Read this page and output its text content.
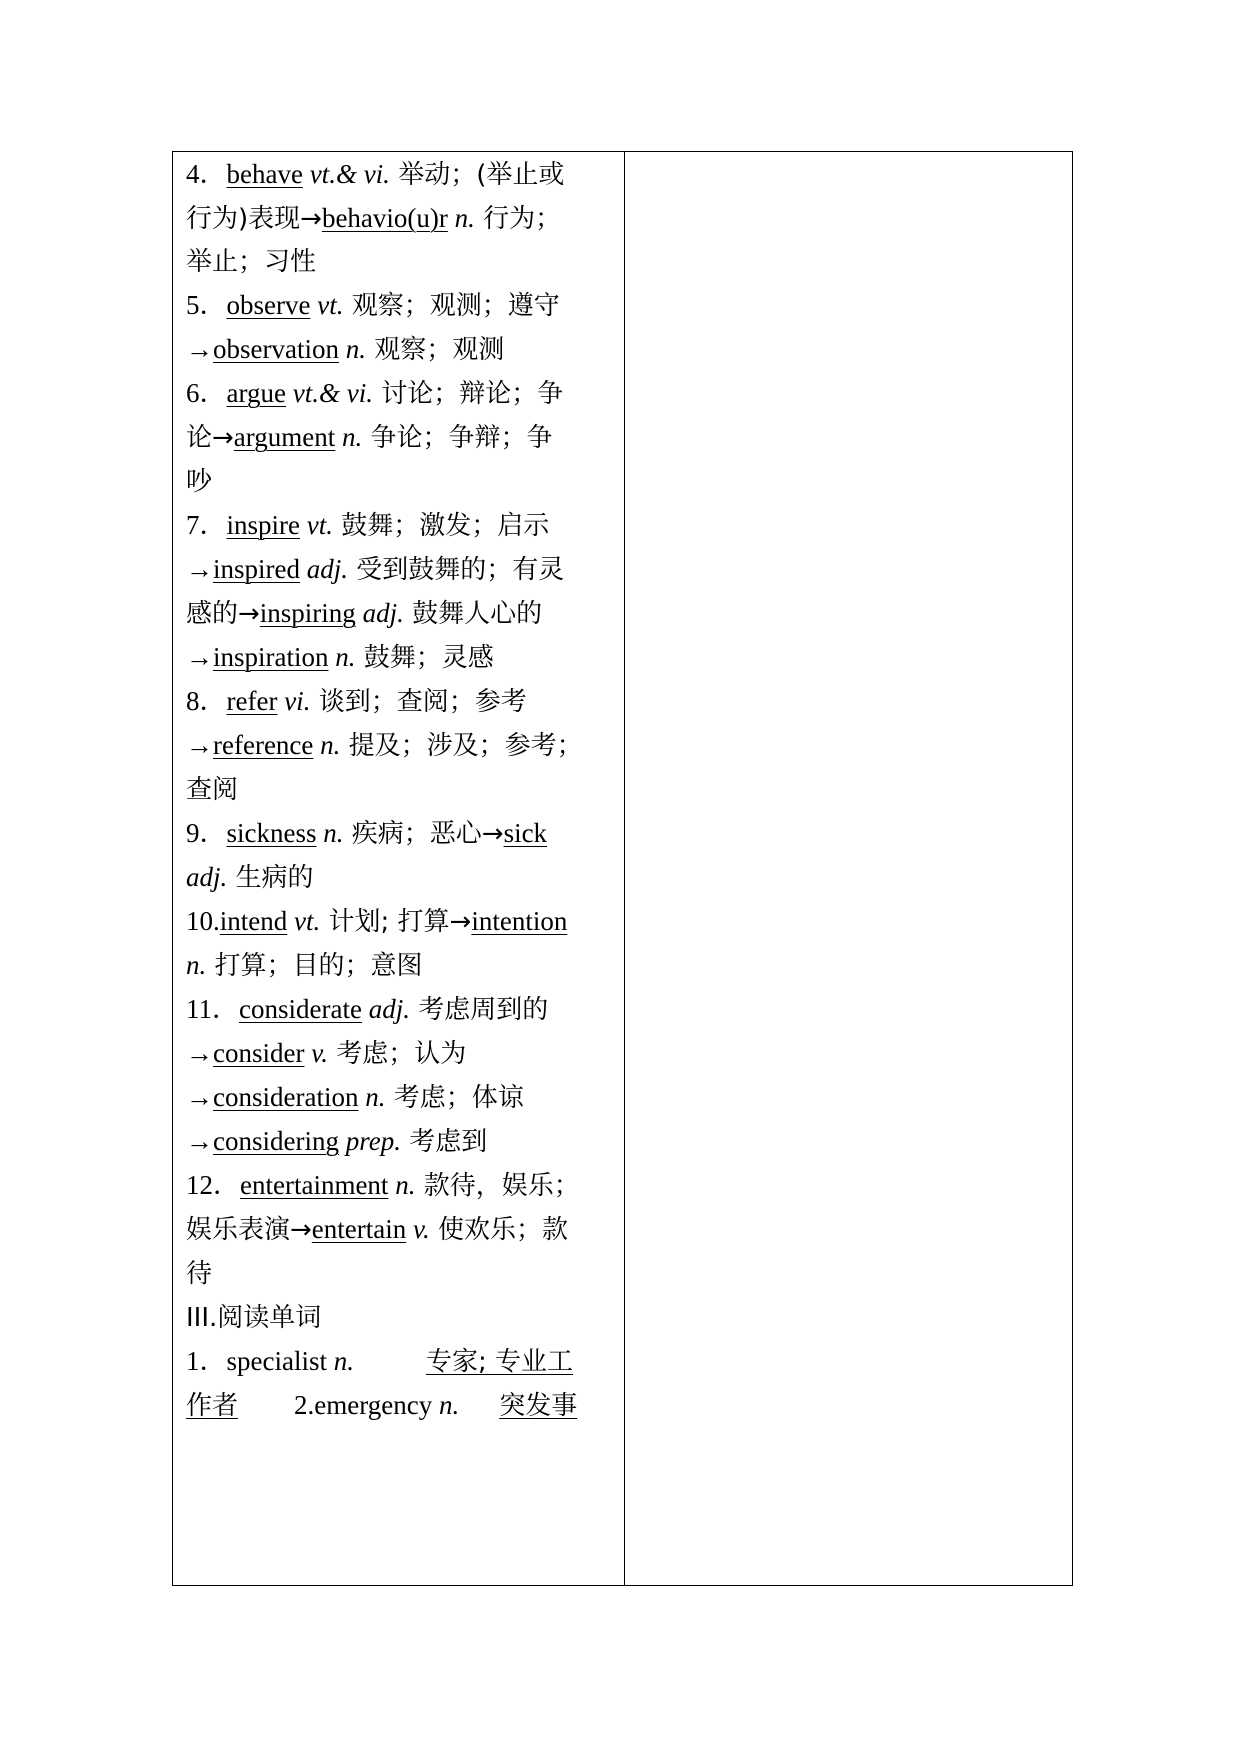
4．behave vt.& vi. 举动；(举止或
行为)表现→behavio(u)r n. 行为；
举止；习性
5．observe vt. 观察；观测；遵守
→observation n. 观察；观测
6．argue vt.& vi. 讨论；辩论；争
论→argument n. 争论；争辩；争
吵
7．inspire vt. 鼓舞；激发；启示
→inspired adj. 受到鼓舞的；有灵
感的→inspiring adj. 鼓舞人心的
→inspiration n. 鼓舞；灵感
8．refer vi. 谈到；查阅；参考
→reference n. 提及；涉及；参考；
查阅
9．sickness n. 疾病；恶心→sick
adj. 生病的
10.intend vt. 计划; 打算→intention
n. 打算；目的；意图
11．considerate adj. 考虑周到的
→consider v. 考虑；认为
→consideration n. 考虑；体谅
→considering prep. 考虑到
12．entertainment n. 款待，娱乐；
娱乐表演→entertain v. 使欢乐；款
待
III.阅读单词
1．specialist n.	专家; 专业工
作者 2.emergency n. 突发事
